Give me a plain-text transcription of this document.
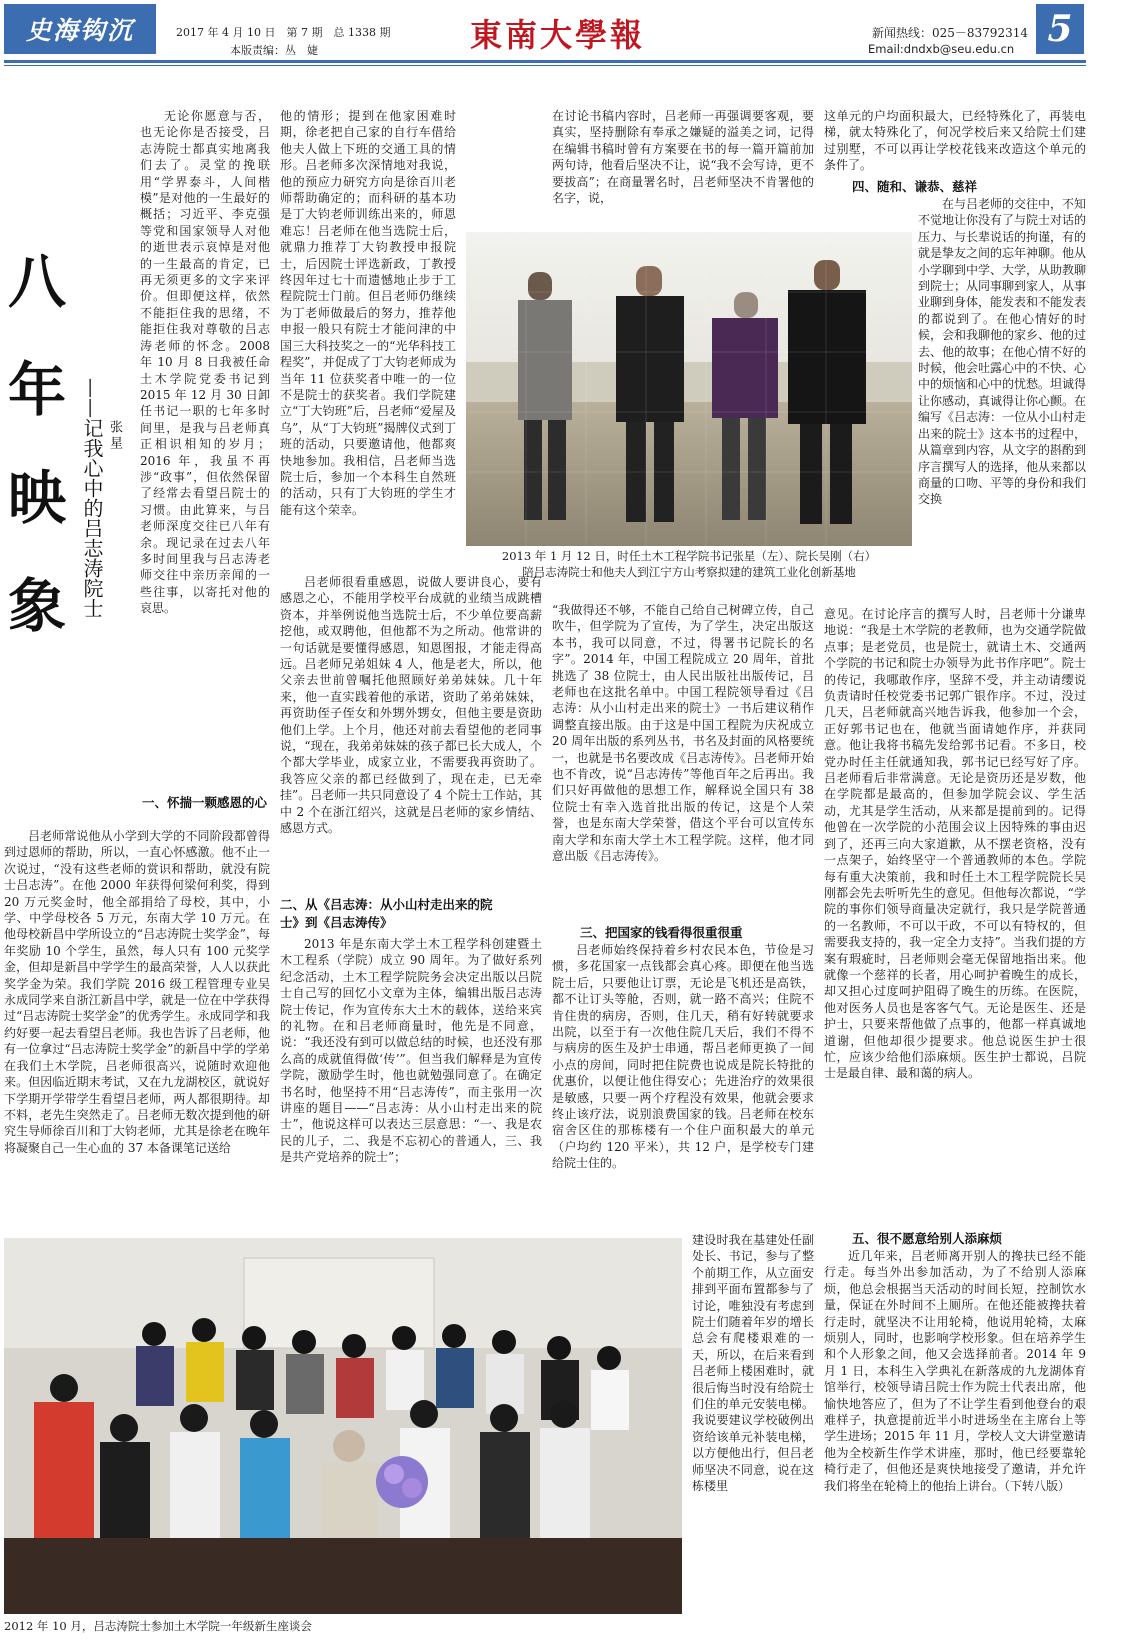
史海钩沉	2017 年 4 月 10 日　第 7 期　总 1338 期
本版责编：丛　婕	東南大學報	新闻热线：025－83792314
Email:dndxb@seu.edu.cn 5
八
年
映
象 ——记我心中的吕志涛院士 张星
无论你愿意与否，也无论你是否接受，吕志涛院士都真实地离我们去了。灵堂的挽联用“学界泰斗，人间楷模”是对他的一生最好的概括；习近平、李克强等党和国家领导人对他的逝世表示哀悼是对他的一生最高的肯定，已再无须更多的文字来评价。但即便这样，依然不能拒住我的思绪，不能拒住我对尊敬的吕志涛老师的怀念。2008 年 10 月 8 日我被任命土木学院党委书记到 2015 年 12 月 30 日卸任书记一职的七年多时间里，是我与吕老师真正相识相知的岁月；2016 年，我虽不再涉“政事”，但依然保留了经常去看望吕院士的习惯。由此算来，与吕老师深度交往已八年有余。现记录在过去八年多时间里我与吕志涛老师交往中亲历亲闻的一些往事，以寄托对他的哀思。
一、怀揣一颗感恩的心
吕老师常说他从小学到大学的不同阶段都曾得到过恩师的帮助，所以，一直心怀感激。他不止一次说过，“没有这些老师的赏识和帮助，就没有院士吕志涛”。在他 2000 年获得何梁何利奖，得到 20 万元奖金时，他全部捐给了母校，其中，小学、中学母校各 5 万元，东南大学 10 万元。在他母校新昌中学所设立的“吕志涛院士奖学金”，每年奖励 10 个学生，虽然，每人只有 100 元奖学金，但却是新昌中学学生的最高荣誉，人人以获此奖学金为荣。我们学院 2016 级工程管理专业吴永成同学来自浙江新昌中学，就是一位在中学获得过“吕志涛院士奖学金”的优秀学生。永成同学和我约好要一起去看望吕老师。我也告诉了吕老师，他有一位拿过“吕志涛院士奖学金”的新昌中学的学弟在我们土木学院，吕老师很高兴，说随时欢迎他来。但因临近期末考试，又在九龙湖校区，就说好下学期开学带学生看望吕老师，两人都很期待。却不料，老先生突然走了。吕老师无数次提到他的研究生导师徐百川和丁大钧老师，尤其是徐老在晚年将凝聚自己一生心血的 37 本备课笔记送给
他的情形；提到在他家困难时期，徐老把自己家的自行车借给他夫人做上下班的交通工具的情形。吕老师多次深情地对我说，他的预应力研究方向是徐百川老师帮助确定的；而科研的基本功是丁大钧老师训练出来的，师恩难忘！吕老师在他当选院士后，就鼎力推荐丁大钧教授申报院士，后因院士评选新政，丁教授终因年过七十而遗憾地止步于工程院院士门前。但吕老师仍继续为丁老师做最后的努力，推荐他申报一般只有院士才能问津的中国三大科技奖之一的“光华科技工程奖”，并促成了丁大钧老师成为当年 11 位获奖者中唯一的一位不是院士的获奖者。我们学院建立“丁大钧班”后，吕老师“爱屋及乌”，从“丁大钧班”揭牌仪式到丁班的活动，只要邀请他，他都爽快地参加。我相信，吕老师当选院士后，参加一个本科生自然班的活动，只有丁大钧班的学生才能有这个荣幸。
吕老师很看重感恩，说做人要讲良心，要有感恩之心，不能用学校平台成就的业绩当成跳槽资本，并举例说他当选院士后，不少单位要高薪挖他，或双聘他，但他都不为之所动。他常讲的一句话就是要懂得感恩，知恩图报，才能走得高远。吕老师兄弟姐妹 4 人，他是老大，所以，他父亲去世前曾嘱托他照顾好弟弟妹妹。几十年来，他一直实践着他的承诺，资助了弟弟妹妹，再资助侄子侄女和外甥外甥女，但他主要是资助他们上学。上个月，他还对前去看望他的老同事说，“现在，我弟弟妹妹的孩子都已长大成人，个个都大学毕业，成家立业，不需要我再资助了。我答应父亲的都已经做到了，现在走，已无牵挂”。吕老师一共只同意设了 4 个院士工作站，其中 2 个在浙江绍兴，这就是吕老师的家乡情结、感恩方式。
二、从《吕志涛：从小山村走出来的院
士》到《吕志涛传》
2013 年是东南大学土木工程学科创建暨土木工程系（学院）成立 90 周年。为了做好系列纪念活动，土木工程学院院务会决定出版以吕院士自己写的回忆小文章为主体，编辑出版吕志涛院士传记，作为宣传东大土木的载体，送给来宾的礼物。在和吕老师商量时，他先是不同意，说：“我还没有到可以做总结的时候，也还没有那么高的成就值得做‘传’”。但当我们解释是为宣传学院，激励学生时，他也就勉强同意了。在确定书名时，他坚持不用“吕志涛传”，而主张用一次讲座的题目——“吕志涛：从小山村走出来的院士”，他说这样可以表达三层意思：“一、我是农民的儿子，二、我是不忘初心的普通人，三、我是共产党培养的院士”；
在讨论书稿内容时，吕老师一再强调要客观，要真实，坚持删除有奉承之嫌疑的溢美之词，记得在编辑书稿时曾有方案要在书的每一篇开篇前加两句诗，他看后坚决不让，说“我不会写诗，更不要拔高”；在商量署名时，吕老师坚决不肯署他的名字，说，
2013 年 1 月 12 日，时任土木工程学院书记张星（左）、院长吴刚（右）
陪吕志涛院士和他夫人到江宁方山考察拟建的建筑工业化创新基地
“我做得还不够，不能自己给自己树碑立传，自己吹牛，但学院为了宣传，为了学生，决定出版这本书，我可以同意，不过，得署书记院长的名字”。2014 年，中国工程院成立 20 周年，首批挑选了 38 位院士，由人民出版社出版传记，吕老师也在这批名单中。中国工程院领导看过《吕志涛：从小山村走出来的院士》一书后建议稍作调整直接出版。由于这是中国工程院为庆祝成立 20 周年出版的系列丛书，书名及封面的风格要统一，也就是书名要改成《吕志涛传》。吕老师开始也不肯改，说“吕志涛传”等他百年之后再出。我们只好再做他的思想工作，解释说全国只有 38 位院士有幸入选首批出版的传记，这是个人荣誉，也是东南大学荣誉，借这个平台可以宣传东南大学和东南大学土木工程学院。这样，他才同意出版《吕志涛传》。
三、把国家的钱看得很重很重
吕老师始终保持着乡村农民本色，节俭是习惯，多花国家一点钱都会真心疼。即便在他当选院士后，只要他让订票，无论是飞机还是高铁，都不让订头等舱，否则，就一路不高兴；住院不肯住贵的病房，否则，住几天，稍有好转就要求出院，以至于有一次他住院几天后，我们不得不与病房的医生及护士串通，帮吕老师更换了一间小点的房间，同时把住院费也说成是院长特批的优惠价，以便让他住得安心；先进治疗的效果很是敏感，只要一两个疗程没有效果，他就会要求终止该疗法，说别浪费国家的钱。吕老师在校东宿舍区住的那栋楼有一个住户面积最大的单元（户均约 120 平米），共 12 户，是学校专门建给院士住的。
这单元的户均面积最大，已经特殊化了，再装电梯，就太特殊化了，何况学校后来又给院士们建过别墅，不可以再让学校花钱来改造这个单元的条件了。
四、随和、谦恭、慈祥
在与吕老师的交往中，不知不觉地让你没有了与院士对话的压力、与长辈说话的拘谨，有的就是挚友之间的忘年神聊。他从小学聊到中学、大学，从助教聊到院士；从同事聊到家人，从事业聊到身体，能发表和不能发表的都说到了。在他心情好的时候，会和我聊他的家乡、他的过去、他的故事；在他心情不好的时候，他会吐露心中的不快、心中的烦恼和心中的忧愁。坦诚得让你感动，真诚得让你心颤。在编写《吕志涛：一位从小山村走出来的院士》这本书的过程中，从篇章到内容，从文字的斟酌到序言撰写人的选择，他从来都以商量的口吻、平等的身份和我们交换
意见。在讨论序言的撰写人时，吕老师十分谦卑地说：“我是土木学院的老教师，也为交通学院做点事；是老党员，也是院士，就请土木、交通两个学院的书记和院士办领导为此书作序吧”。院士的传记，我哪敢作序，坚辞不受，并主动请缨说负责请时任校党委书记郭广银作序。不过，没过几天，吕老师就高兴地告诉我，他参加一个会，正好郭书记也在，他就当面请她作序，并获同意。他让我将书稿先发给郭书记看。不多日，校党办时任主任就通知我，郭书记已经写好了序。吕老师看后非常满意。无论是资历还是岁数，他在学院都是最高的，但参加学院会议、学生活动，尤其是学生活动，从来都是提前到的。记得他曾在一次学院的小范围会议上因特殊的事由迟到了，还再三向大家道歉，从不摆老资格，没有一点架子，始终坚守一个普通教师的本色。学院每有重大决策前，我和时任土木工程学院院长吴刚都会先去听听先生的意见。但他每次都说，“学院的事你们领导商量决定就行，我只是学院普通的一名教师，不可以干政，不可以有特权的，但需要我支持的，我一定全力支持”。当我们提的方案有瑕疵时，吕老师则会毫无保留地指出来。他就像一个慈祥的长者，用心呵护着晚生的成长，却又担心过度呵护阻碍了晚生的历练。在医院，他对医务人员也是客客气气。无论是医生、还是护士，只要来帮他做了点事的，他都一样真诚地道谢，但他却很少提要求。他总说医生护士很忙，应该少给他们添麻烦。医生护士都说，吕院士是最自律、最和蔼的病人。
五、很不愿意给别人添麻烦
近几年来，吕老师离开别人的搀扶已经不能行走。每当外出参加活动，为了不给别人添麻烦，他总会根据当天活动的时间长短，控制饮水量，保证在外时间不上厕所。在他还能被搀扶着行走时，就坚决不让用轮椅，他说用轮椅，太麻烦别人，同时，也影响学校形象。但在培养学生和个人形象之间，他又会选择前者。2014 年 9 月 1 日，本科生入学典礼在新落成的九龙湖体育馆举行，校领导请吕院士作为院士代表出席，他愉快地答应了，但为了不让学生看到他登台的艰难样子，执意提前近半小时进场坐在主席台上等学生进场；2015 年 11 月，学校人文大讲堂邀请他为全校新生作学术讲座，那时，他已经要靠轮椅行走了，但他还是爽快地接受了邀请，并允许我们将坐在轮椅上的他抬上讲台。（下转八版）
2012 年 10 月，吕志涛院士参加土木学院一年级新生座谈会
建设时我在基建处任副处长、书记，参与了整个前期工作，从立面安排到平面布置都参与了讨论，唯独没有考虑到院士们随着年岁的增长总会有爬楼艰难的一天，所以，在后来看到吕老师上楼困难时，就很后悔当时没有给院士们住的单元安装电梯。我说要建议学校破例出资给该单元补装电梯，以方便他出行，但吕老师坚决不同意，说在这栋楼里
